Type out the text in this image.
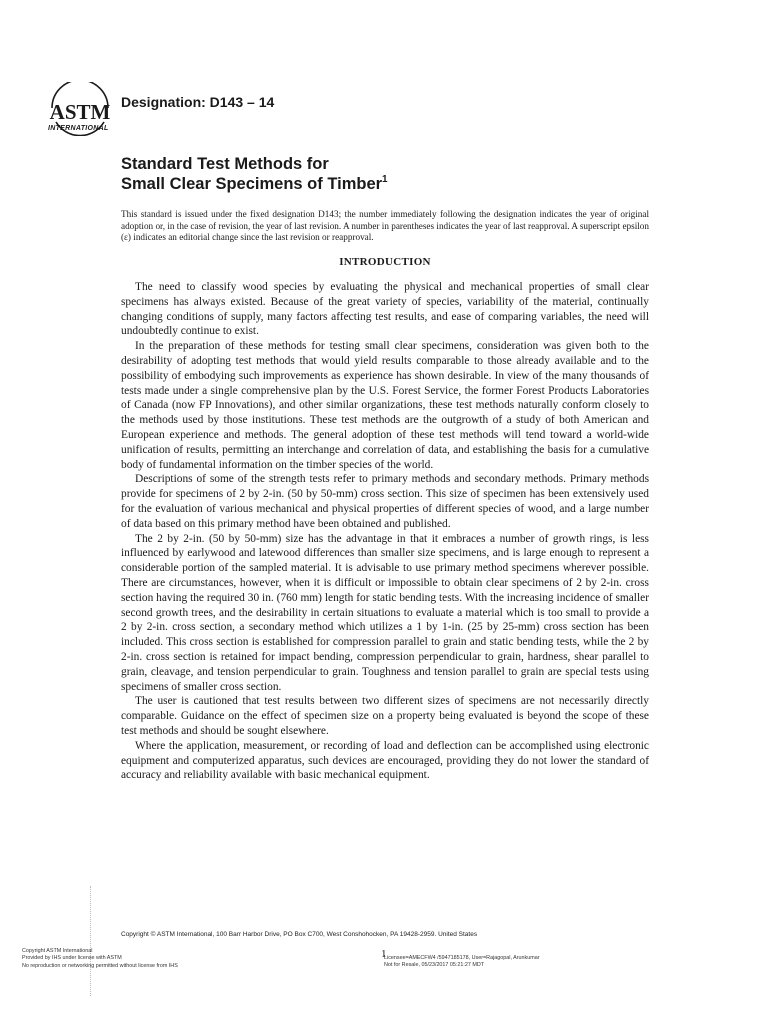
ASTM
INTERNATIONAL
Designation: D143 – 14
Standard Test Methods for
Small Clear Specimens of Timber$^1$
This standard is issued under the fixed designation D143; the number immediately following the designation indicates the year of original adoption or, in the case of revision, the year of last revision. A number in parentheses indicates the year of last reapproval. A superscript epsilon (ε) indicates an editorial change since the last revision or reapproval.
INTRODUCTION

The need to classify wood species by evaluating the physical and mechanical properties of small clear specimens has always existed. Because of the great variety of species, variability of the material, continually changing conditions of supply, many factors affecting test results, and ease of comparing variables, the need will undoubtedly continue to exist.

In the preparation of these methods for testing small clear specimens, consideration was given both to the desirability of adopting test methods that would yield results comparable to those already available and to the possibility of embodying such improvements as experience has shown desirable. In view of the many thousands of tests made under a single comprehensive plan by the U.S. Forest Service, the former Forest Products Laboratories of Canada (now FP Innovations), and other similar organizations, these test methods naturally conform closely to the methods used by those institutions. These test methods are the outgrowth of a study of both American and European experience and methods. The general adoption of these test methods will tend toward a world-wide unification of results, permitting an interchange and correlation of data, and establishing the basis for a cumulative body of fundamental information on the timber species of the world.

Descriptions of some of the strength tests refer to primary methods and secondary methods. Primary methods provide for specimens of 2 by 2-in. (50 by 50-mm) cross section. This size of specimen has been extensively used for the evaluation of various mechanical and physical properties of different species of wood, and a large number of data based on this primary method have been obtained and published.

The 2 by 2-in. (50 by 50-mm) size has the advantage in that it embraces a number of growth rings, is less influenced by earlywood and latewood differences than smaller size specimens, and is large enough to represent a considerable portion of the sampled material. It is advisable to use primary method specimens wherever possible. There are circumstances, however, when it is difficult or impossible to obtain clear specimens of 2 by 2-in. cross section having the required 30 in. (760 mm) length for static bending tests. With the increasing incidence of smaller second growth trees, and the desirability in certain situations to evaluate a material which is too small to provide a 2 by 2-in. cross section, a secondary method which utilizes a 1 by 1-in. (25 by 25-mm) cross section has been included. This cross section is established for compression parallel to grain and static bending tests, while the 2 by 2-in. cross section is retained for impact bending, compression perpendicular to grain, hardness, shear parallel to grain, cleavage, and tension perpendicular to grain. Toughness and tension parallel to grain are special tests using specimens of smaller cross section.

The user is cautioned that test results between two different sizes of specimens are not necessarily directly comparable. Guidance on the effect of specimen size on a property being evaluated is beyond the scope of these test methods and should be sought elsewhere.

Where the application, measurement, or recording of load and deflection can be accomplished using electronic equipment and computerized apparatus, such devices are encouraged, providing they do not lower the standard of accuracy and reliability available with basic mechanical equipment.

Copyright © ASTM International, 100 Barr Harbor Drive, PO Box C700, West Conshohocken, PA 19428-2959. United States
Copyright ASTM International
Provided by IHS under license with ASTM
No reproduction or networking permitted without license from IHS
1
Licensee=AMECFW4 /5947185178, User=Rajagopal, Arunkumar
Not for Resale, 05/23/2017 05:21:27 MDT
